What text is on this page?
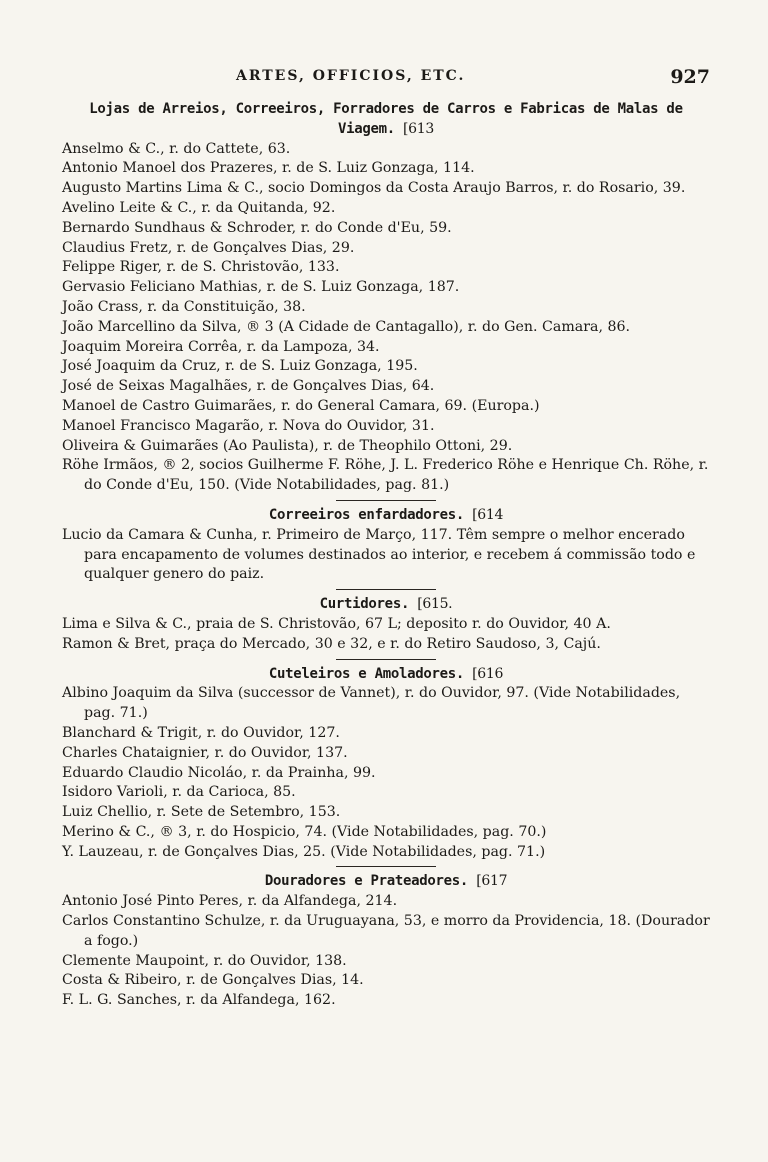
ARTES, OFFICIOS, ETC.	927
Lojas de Arreios, Correeiros, Forradores de Carros e Fabricas de Malas de Viagem. [613
Anselmo & C., r. do Cattete, 63.
Antonio Manoel dos Prazeres, r. de S. Luiz Gonzaga, 114.
Augusto Martins Lima & C., socio Domingos da Costa Araujo Barros, r. do Rosario, 39.
Avelino Leite & C., r. da Quitanda, 92.
Bernardo Sundhaus & Schroder, r. do Conde d'Eu, 59.
Claudius Fretz, r. de Gonçalves Dias, 29.
Felippe Riger, r. de S. Christovão, 133.
Gervasio Feliciano Mathias, r. de S. Luiz Gonzaga, 187.
João Crass, r. da Constituição, 38.
João Marcellino da Silva, ® 3 (A Cidade de Cantagallo), r. do Gen. Camara, 86.
Joaquim Moreira Corrêa, r. da Lampoza, 34.
José Joaquim da Cruz, r. de S. Luiz Gonzaga, 195.
José de Seixas Magalhães, r. de Gonçalves Dias, 64.
Manoel de Castro Guimarães, r. do General Camara, 69. (Europa.)
Manoel Francisco Magarão, r. Nova do Ouvidor, 31.
Oliveira & Guimarães (Ao Paulista), r. de Theophilo Ottoni, 29.
Röhe Irmãos, ® 2, socios Guilherme F. Röhe, J. L. Frederico Röhe e Henrique Ch. Röhe, r. do Conde d'Eu, 150. (Vide Notabilidades, pag. 81.)
Correeiros enfardadores. [614
Lucio da Camara & Cunha, r. Primeiro de Março, 117. Têm sempre o melhor encerado para encapamento de volumes destinados ao interior, e recebem á commissão todo e qualquer genero do paiz.
Curtidores. [615.
Lima e Silva & C., praia de S. Christovão, 67 L; deposito r. do Ouvidor, 40 A.
Ramon & Bret, praça do Mercado, 30 e 32, e r. do Retiro Saudoso, 3, Cajú.
Cuteleiros e Amoladores. [616
Albino Joaquim da Silva (successor de Vannet), r. do Ouvidor, 97. (Vide Notabilidades, pag. 71.)
Blanchard & Trigit, r. do Ouvidor, 127.
Charles Chataignier, r. do Ouvidor, 137.
Eduardo Claudio Nicoláo, r. da Prainha, 99.
Isidoro Varioli, r. da Carioca, 85.
Luiz Chellio, r. Sete de Setembro, 153.
Merino & C., ® 3, r. do Hospicio, 74. (Vide Notabilidades, pag. 70.)
Y. Lauzeau, r. de Gonçalves Dias, 25. (Vide Notabilidades, pag. 71.)
Douradores e Prateadores. [617
Antonio José Pinto Peres, r. da Alfandega, 214.
Carlos Constantino Schulze, r. da Uruguayana, 53, e morro da Providencia, 18. (Dourador a fogo.)
Clemente Maupoint, r. do Ouvidor, 138.
Costa & Ribeiro, r. de Gonçalves Dias, 14.
F. L. G. Sanches, r. da Alfandega, 162.
